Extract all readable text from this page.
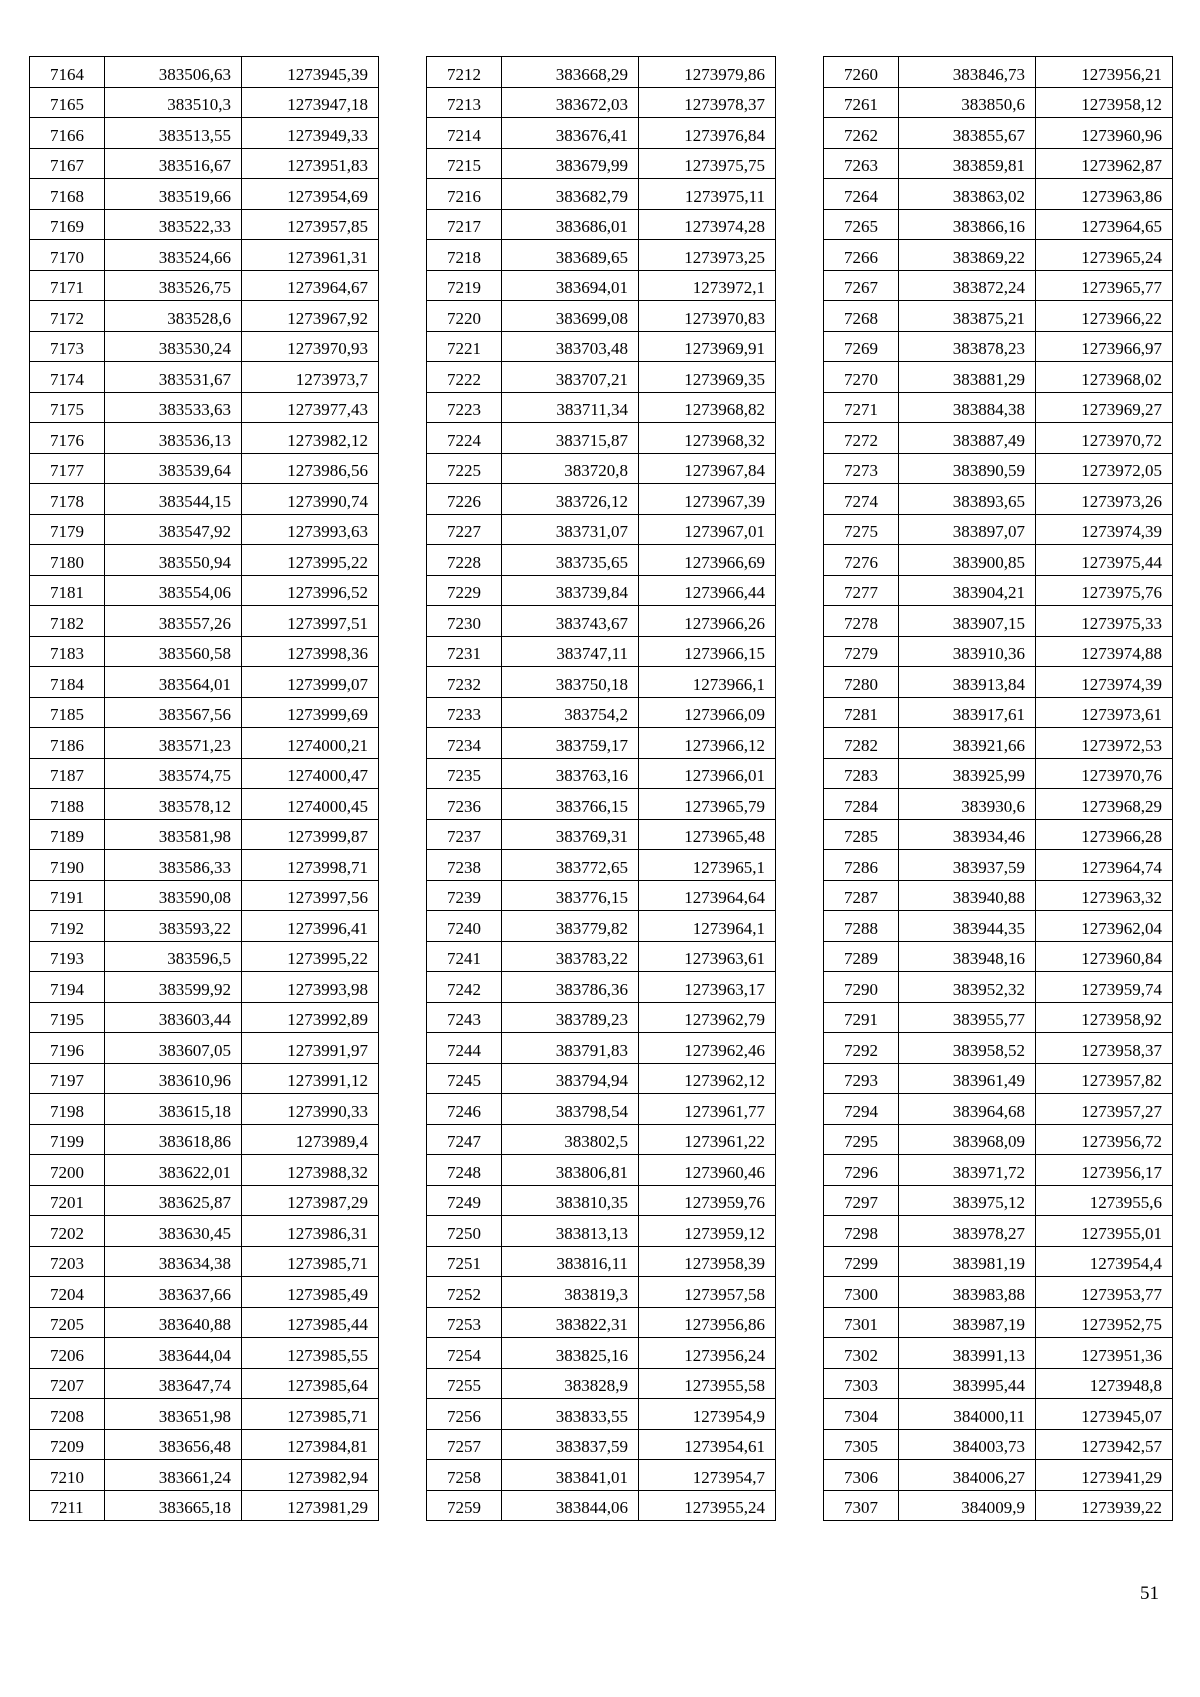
7164	383506,63	1273945,39
7165	383510,3	1273947,18
7166	383513,55	1273949,33
7167	383516,67	1273951,83
7168	383519,66	1273954,69
7169	383522,33	1273957,85
7170	383524,66	1273961,31
7171	383526,75	1273964,67
7172	383528,6	1273967,92
7173	383530,24	1273970,93
7174	383531,67	1273973,7
7175	383533,63	1273977,43
7176	383536,13	1273982,12
7177	383539,64	1273986,56
7178	383544,15	1273990,74
7179	383547,92	1273993,63
7180	383550,94	1273995,22
7181	383554,06	1273996,52
7182	383557,26	1273997,51
7183	383560,58	1273998,36
7184	383564,01	1273999,07
7185	383567,56	1273999,69
7186	383571,23	1274000,21
7187	383574,75	1274000,47
7188	383578,12	1274000,45
7189	383581,98	1273999,87
7190	383586,33	1273998,71
7191	383590,08	1273997,56
7192	383593,22	1273996,41
7193	383596,5	1273995,22
7194	383599,92	1273993,98
7195	383603,44	1273992,89
7196	383607,05	1273991,97
7197	383610,96	1273991,12
7198	383615,18	1273990,33
7199	383618,86	1273989,4
7200	383622,01	1273988,32
7201	383625,87	1273987,29
7202	383630,45	1273986,31
7203	383634,38	1273985,71
7204	383637,66	1273985,49
7205	383640,88	1273985,44
7206	383644,04	1273985,55
7207	383647,74	1273985,64
7208	383651,98	1273985,71
7209	383656,48	1273984,81
7210	383661,24	1273982,94
7211	383665,18	1273981,29
7212	383668,29	1273979,86
7213	383672,03	1273978,37
7214	383676,41	1273976,84
7215	383679,99	1273975,75
7216	383682,79	1273975,11
7217	383686,01	1273974,28
7218	383689,65	1273973,25
7219	383694,01	1273972,1
7220	383699,08	1273970,83
7221	383703,48	1273969,91
7222	383707,21	1273969,35
7223	383711,34	1273968,82
7224	383715,87	1273968,32
7225	383720,8	1273967,84
7226	383726,12	1273967,39
7227	383731,07	1273967,01
7228	383735,65	1273966,69
7229	383739,84	1273966,44
7230	383743,67	1273966,26
7231	383747,11	1273966,15
7232	383750,18	1273966,1
7233	383754,2	1273966,09
7234	383759,17	1273966,12
7235	383763,16	1273966,01
7236	383766,15	1273965,79
7237	383769,31	1273965,48
7238	383772,65	1273965,1
7239	383776,15	1273964,64
7240	383779,82	1273964,1
7241	383783,22	1273963,61
7242	383786,36	1273963,17
7243	383789,23	1273962,79
7244	383791,83	1273962,46
7245	383794,94	1273962,12
7246	383798,54	1273961,77
7247	383802,5	1273961,22
7248	383806,81	1273960,46
7249	383810,35	1273959,76
7250	383813,13	1273959,12
7251	383816,11	1273958,39
7252	383819,3	1273957,58
7253	383822,31	1273956,86
7254	383825,16	1273956,24
7255	383828,9	1273955,58
7256	383833,55	1273954,9
7257	383837,59	1273954,61
7258	383841,01	1273954,7
7259	383844,06	1273955,24
7260	383846,73	1273956,21
7261	383850,6	1273958,12
7262	383855,67	1273960,96
7263	383859,81	1273962,87
7264	383863,02	1273963,86
7265	383866,16	1273964,65
7266	383869,22	1273965,24
7267	383872,24	1273965,77
7268	383875,21	1273966,22
7269	383878,23	1273966,97
7270	383881,29	1273968,02
7271	383884,38	1273969,27
7272	383887,49	1273970,72
7273	383890,59	1273972,05
7274	383893,65	1273973,26
7275	383897,07	1273974,39
7276	383900,85	1273975,44
7277	383904,21	1273975,76
7278	383907,15	1273975,33
7279	383910,36	1273974,88
7280	383913,84	1273974,39
7281	383917,61	1273973,61
7282	383921,66	1273972,53
7283	383925,99	1273970,76
7284	383930,6	1273968,29
7285	383934,46	1273966,28
7286	383937,59	1273964,74
7287	383940,88	1273963,32
7288	383944,35	1273962,04
7289	383948,16	1273960,84
7290	383952,32	1273959,74
7291	383955,77	1273958,92
7292	383958,52	1273958,37
7293	383961,49	1273957,82
7294	383964,68	1273957,27
7295	383968,09	1273956,72
7296	383971,72	1273956,17
7297	383975,12	1273955,6
7298	383978,27	1273955,01
7299	383981,19	1273954,4
7300	383983,88	1273953,77
7301	383987,19	1273952,75
7302	383991,13	1273951,36
7303	383995,44	1273948,8
7304	384000,11	1273945,07
7305	384003,73	1273942,57
7306	384006,27	1273941,29
7307	384009,9	1273939,22
51
